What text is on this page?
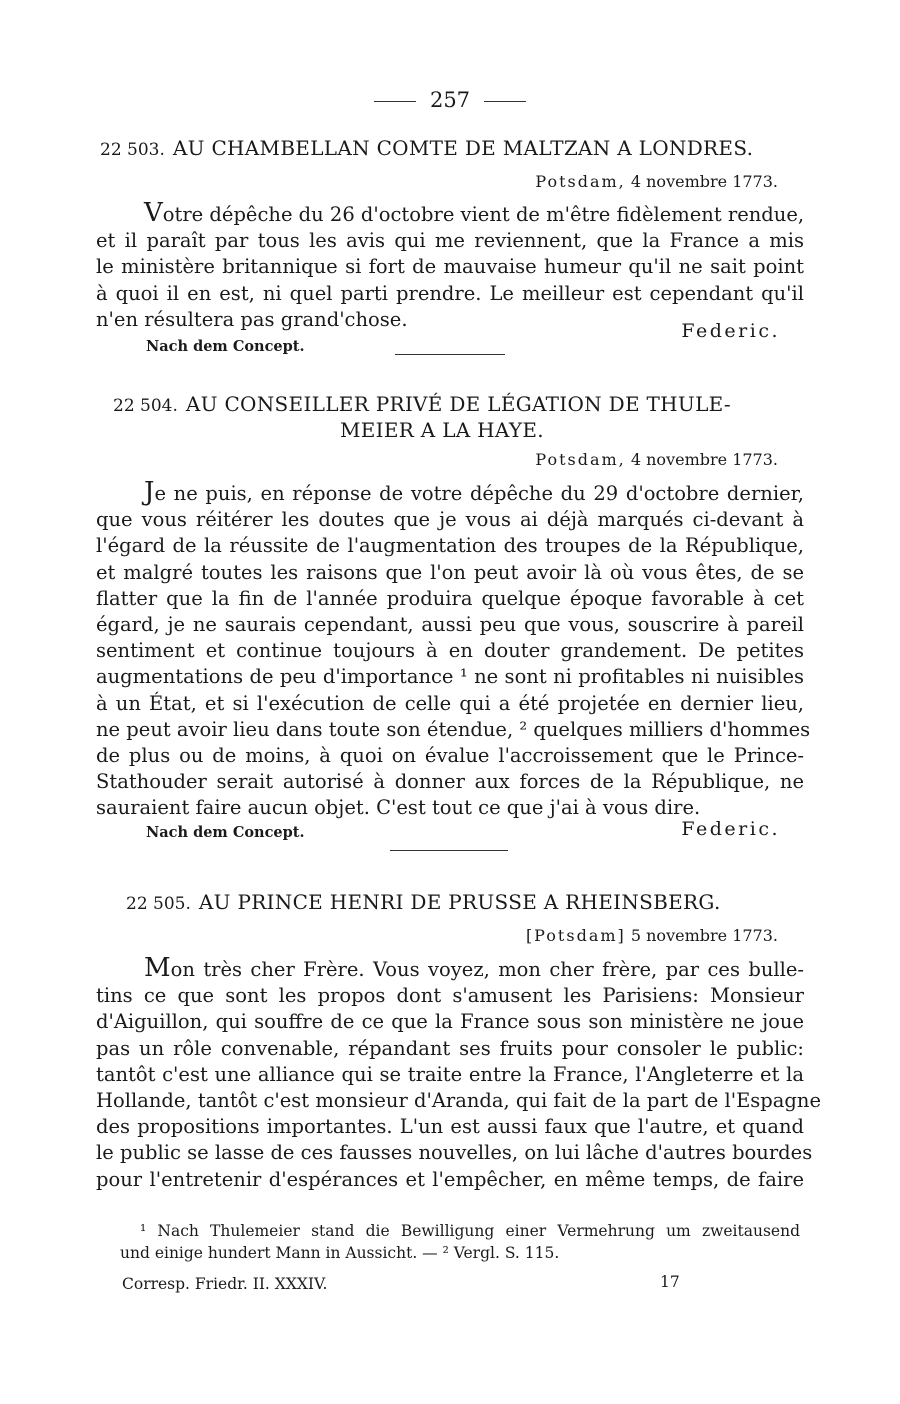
257
22 503. AU CHAMBELLAN COMTE DE MALTZAN A LONDRES.
Potsdam, 4 novembre 1773.
Votre dépêche du 26 d'octobre vient de m'être fidèlement rendue,
et il paraît par tous les avis qui me reviennent, que la France a mis
le ministère britannique si fort de mauvaise humeur qu'il ne sait point
à quoi il en est, ni quel parti prendre. Le meilleur est cependant qu'il
n'en résultera pas grand'chose.
Federic.
Nach dem Concept.
22 504. AU CONSEILLER PRIVÉ DE LÉGATION DE THULE-
MEIER A LA HAYE.
Potsdam, 4 novembre 1773.
Je ne puis, en réponse de votre dépêche du 29 d'octobre dernier,
que vous réitérer les doutes que je vous ai déjà marqués ci-devant à
l'égard de la réussite de l'augmentation des troupes de la République,
et malgré toutes les raisons que l'on peut avoir là où vous êtes, de se
flatter que la fin de l'année produira quelque époque favorable à cet
égard, je ne saurais cependant, aussi peu que vous, souscrire à pareil
sentiment et continue toujours à en douter grandement. De petites
augmentations de peu d'importance ¹ ne sont ni profitables ni nuisibles
à un État, et si l'exécution de celle qui a été projetée en dernier lieu,
ne peut avoir lieu dans toute son étendue, ² quelques milliers d'hommes
de plus ou de moins, à quoi on évalue l'accroissement que le Prince-
Stathouder serait autorisé à donner aux forces de la République, ne
sauraient faire aucun objet. C'est tout ce que j'ai à vous dire.
Nach dem Concept.	Federic.
22 505. AU PRINCE HENRI DE PRUSSE A RHEINSBERG.
[Potsdam] 5 novembre 1773.
Mon très cher Frère. Vous voyez, mon cher frère, par ces bulle-
tins ce que sont les propos dont s'amusent les Parisiens: Monsieur
d'Aiguillon, qui souffre de ce que la France sous son ministère ne joue
pas un rôle convenable, répandant ses fruits pour consoler le public:
tantôt c'est une alliance qui se traite entre la France, l'Angleterre et la
Hollande, tantôt c'est monsieur d'Aranda, qui fait de la part de l'Espagne
des propositions importantes. L'un est aussi faux que l'autre, et quand
le public se lasse de ces fausses nouvelles, on lui lâche d'autres bourdes
pour l'entretenir d'espérances et l'empêcher, en même temps, de faire
¹ Nach Thulemeier stand die Bewilligung einer Vermehrung um zweitausend
und einige hundert Mann in Aussicht. — ² Vergl. S. 115.
Corresp. Friedr. II. XXXIV.	17
